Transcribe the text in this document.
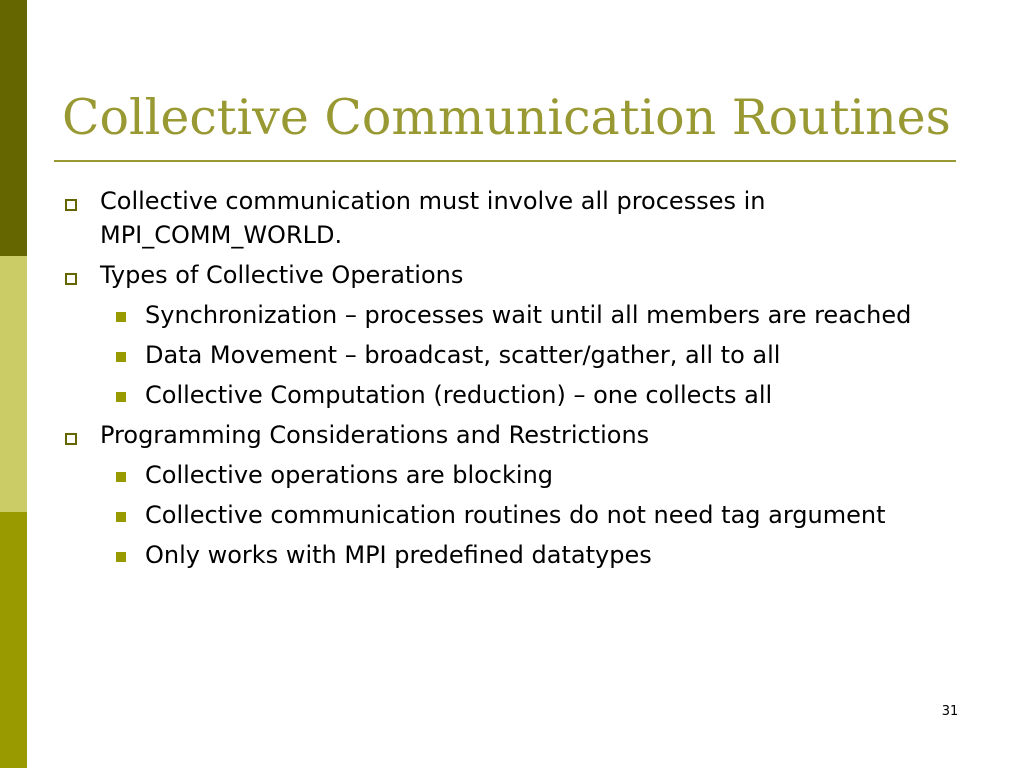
Collective Communication Routines
Collective communication must involve all processes in MPI_COMM_WORLD.
Types of Collective Operations
Synchronization – processes wait until all members are reached
Data Movement – broadcast, scatter/gather, all to all
Collective Computation (reduction) – one collects all
Programming Considerations and Restrictions
Collective operations are blocking
Collective communication routines do not need tag argument
Only works with MPI predefined datatypes
31
